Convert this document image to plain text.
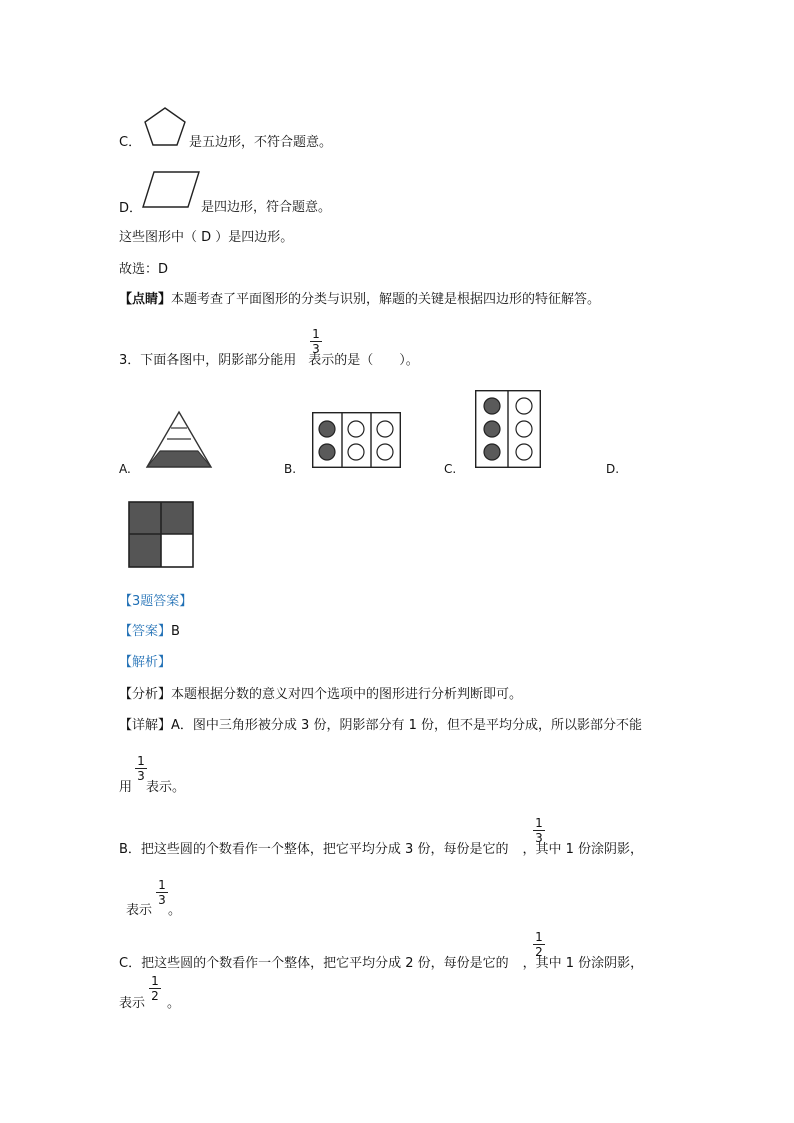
C．	是五边形，不符合题意。
D．	是四边形，符合题意。
这些图形中（ D ）是四边形。
故选：D
【点睛】本题考查了平面图形的分类与识别，解题的关键是根据四边形的特征解答。
3．下面各图中，阴影部分能用 表示的是（　　）。
1
3
A.	B.	C.	D.
【3题答案】
【答案】B
【解析】
【分析】本题根据分数的意义对四个选项中的图形进行分析判断即可。
【详解】A．图中三角形被分成 3 份，阴影部分有 1 份，但不是平均分成，所以影部分不能
用 表示。
1
3
B．把这些圆的个数看作一个整体，把它平均分成 3 份，每份是它的 ，其中 1 份涂阴影，
1
3
表示 。
1
3
C．把这些圆的个数看作一个整体，把它平均分成 2 份，每份是它的 ，其中 1 份涂阴影，
1
2
表示 。
1
2
